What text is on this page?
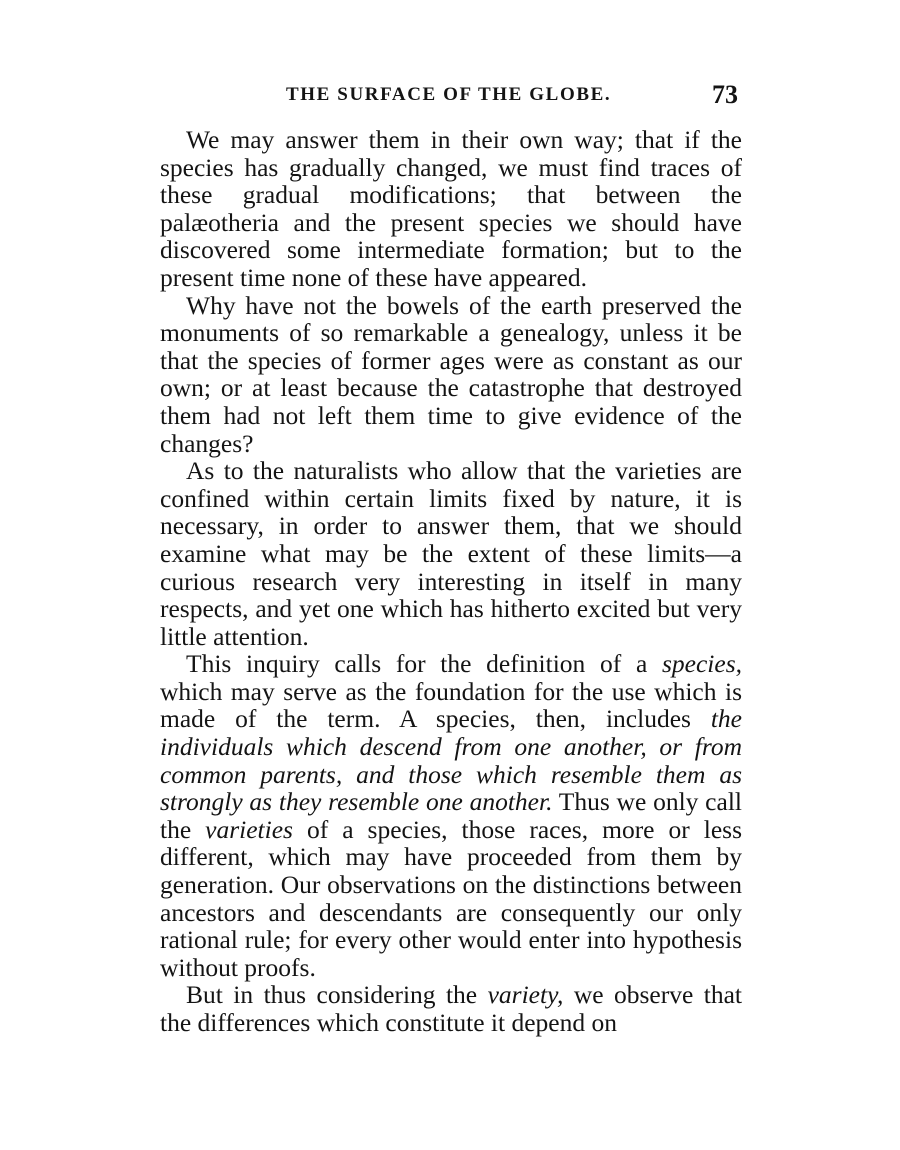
THE SURFACE OF THE GLOBE.	73

We may answer them in their own way; that if the species has gradually changed, we must find traces of these gradual modifications; that between the palæotheria and the present species we should have discovered some intermediate formation; but to the present time none of these have appeared.

Why have not the bowels of the earth preserved the monuments of so remarkable a genealogy, unless it be that the species of former ages were as constant as our own; or at least because the catastrophe that destroyed them had not left them time to give evidence of the changes?

As to the naturalists who allow that the varieties are confined within certain limits fixed by nature, it is necessary, in order to answer them, that we should examine what may be the extent of these limits—a curious research very interesting in itself in many respects, and yet one which has hitherto excited but very little attention.

This inquiry calls for the definition of a species, which may serve as the foundation for the use which is made of the term. A species, then, includes the individuals which descend from one another, or from common parents, and those which resemble them as strongly as they resemble one another. Thus we only call the varieties of a species, those races, more or less different, which may have proceeded from them by generation. Our observations on the distinctions between ancestors and descendants are consequently our only rational rule; for every other would enter into hypothesis without proofs.

But in thus considering the variety, we observe that the differences which constitute it depend on
